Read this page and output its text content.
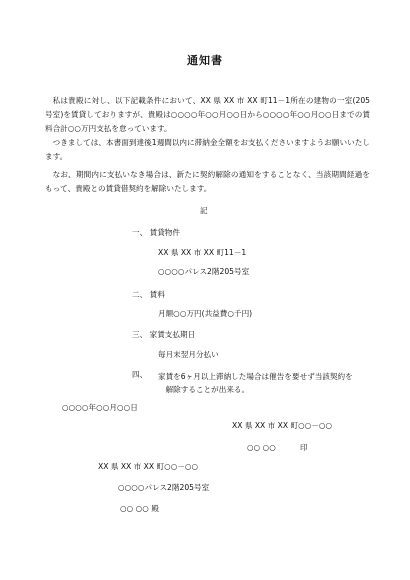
通知書

私は貴殿に対し、以下記載条件において、XX 県 XX 市 XX 町11－1所在の建物の一室(205号室)を賃貸しておりますが、貴殿は○○○○年○○月○○日から○○○○年○○月○○日までの賃料合計○○万円支払を怠っています。

つきましては、本書面到達後1週間以内に滞納金全額をお支払くださいますようお願いいたします。

なお、期間内に支払いなき場合は、新たに契約解除の通知をすることなく、当該期間経過をもって、貴殿との賃貸借契約を解除いたします。

記
一、 賃貸物件
XX 県 XX 市 XX 町11－1
○○○○パレス2階205号室
二、 賃料
月額○○万円(共益費○千円)
三、 家賃支払期日
毎月末翌月分払い
四、 家賃を6ヶ月以上滞納した場合は催告を要せず当該契約を
解除することが出来る。
○○○○年○○月○○日
XX 県 XX 市 XX 町○○－○○
○○ ○○	印
XX 県 XX 市 XX 町○○－○○
○○○○パレス2階205号室
○○ ○○ 殿
